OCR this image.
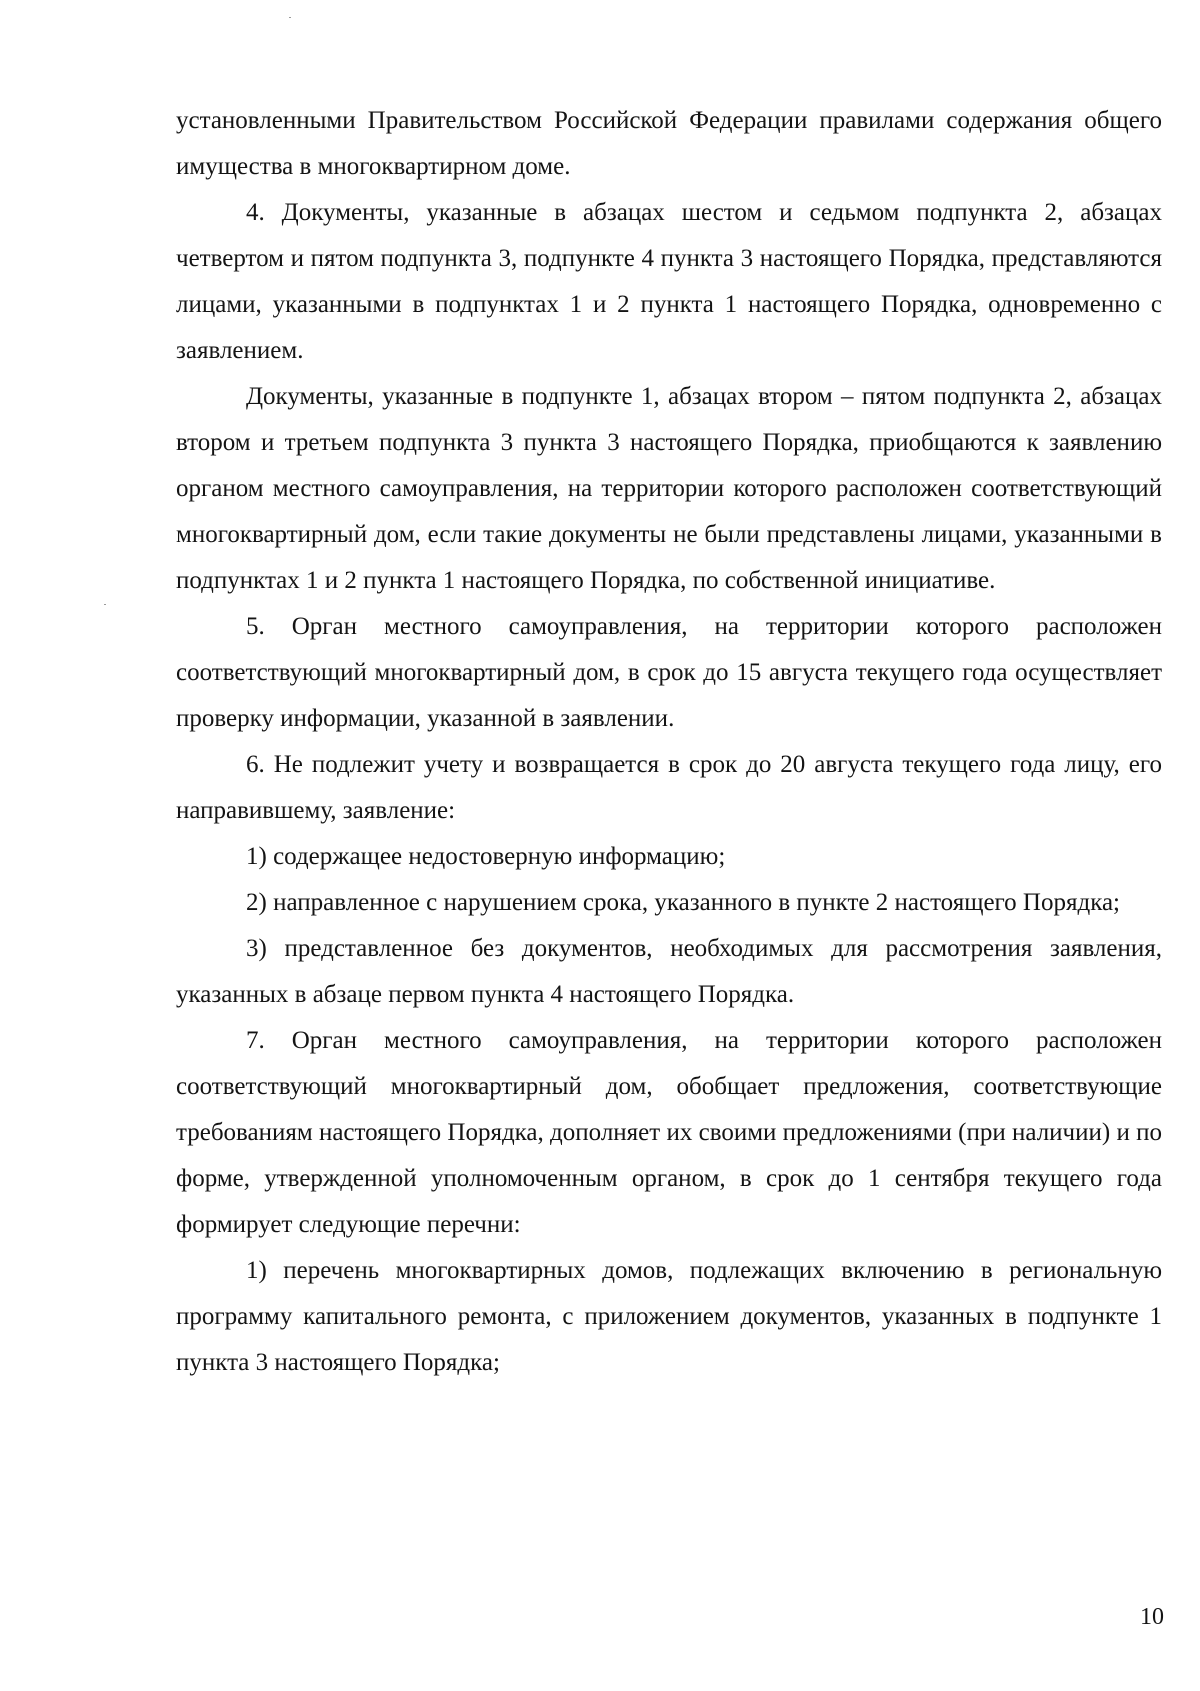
установленными Правительством Российской Федерации правилами содержания общего имущества в многоквартирном доме.

4. Документы, указанные в абзацах шестом и седьмом подпункта 2, абзацах четвертом и пятом подпункта 3, подпункте 4 пункта 3 настоящего Порядка, представляются лицами, указанными в подпунктах 1 и 2 пункта 1 настоящего Порядка, одновременно с заявлением.

Документы, указанные в подпункте 1, абзацах втором – пятом подпункта 2, абзацах втором и третьем подпункта 3 пункта 3 настоящего Порядка, приобщаются к заявлению органом местного самоуправления, на территории которого расположен соответствующий многоквартирный дом, если такие документы не были представлены лицами, указанными в подпунктах 1 и 2 пункта 1 настоящего Порядка, по собственной инициативе.

5. Орган местного самоуправления, на территории которого расположен соответствующий многоквартирный дом, в срок до 15 августа текущего года осуществляет проверку информации, указанной в заявлении.

6. Не подлежит учету и возвращается в срок до 20 августа текущего года лицу, его направившему, заявление:

1) содержащее недостоверную информацию;

2) направленное с нарушением срока, указанного в пункте 2 настоящего Порядка;

3) представленное без документов, необходимых для рассмотрения заявления, указанных в абзаце первом пункта 4 настоящего Порядка.

7. Орган местного самоуправления, на территории которого расположен соответствующий многоквартирный дом, обобщает предложения, соответствующие требованиям настоящего Порядка, дополняет их своими предложениями (при наличии) и по форме, утвержденной уполномоченным органом, в срок до 1 сентября текущего года формирует следующие перечни:

1) перечень многоквартирных домов, подлежащих включению в региональную программу капитального ремонта, с приложением документов, указанных в подпункте 1 пункта 3 настоящего Порядка;

10
